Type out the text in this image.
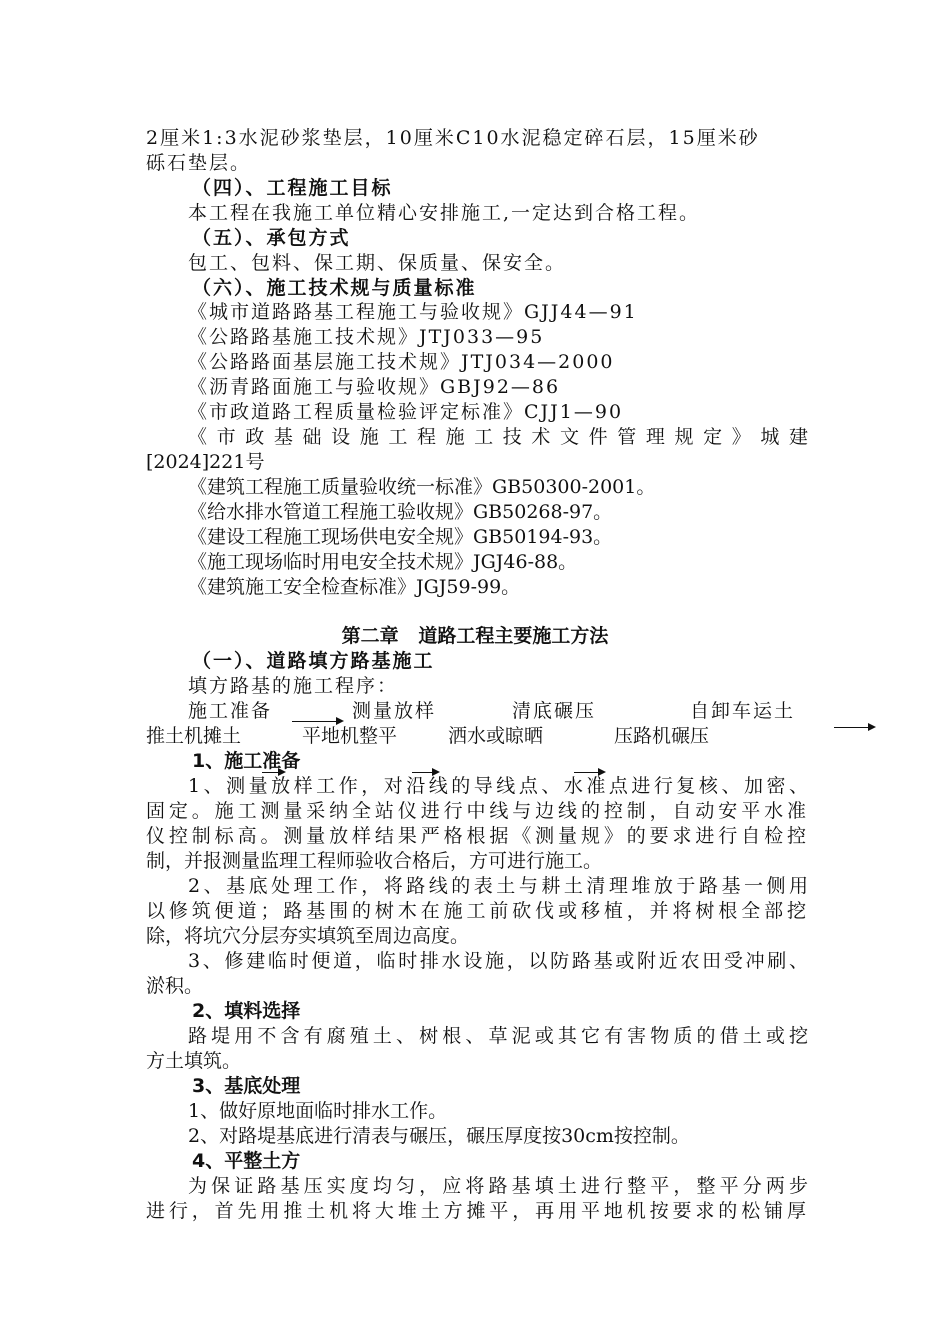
2厘米1:3水泥砂浆垫层，10厘米C10水泥稳定碎石层，15厘米砂
砾石垫层。
（四）、工程施工目标
本工程在我施工单位精心安排施工,一定达到合格工程。
（五）、承包方式
包工、包料、保工期、保质量、保安全。
（六）、施工技术规与质量标准
《城市道路路基工程施工与验收规》GJJ44—91
《公路路基施工技术规》JTJ033—95
《公路路面基层施工技术规》JTJ034—2000
《沥青路面施工与验收规》GBJ92—86
《市政道路工程质量检验评定标准》CJJ1—90
《市政基础设施工程施工技术文件管理规定》城建
[2024]221号
《建筑工程施工质量验收统一标准》GB50300-2001。
《给水排水管道工程施工验收规》GB50268-97。
《建设工程施工现场供电安全规》GB50194-93。
《施工现场临时用电安全技术规》JGJ46-88。
《建筑施工安全检查标准》JGJ59-99。
第二章   道路工程主要施工方法
（一）、道路填方路基施工
填方路基的施工程序：
施工准备	测量放样	清底碾压	自卸车运土
推土机摊土	平地机整平	洒水或晾晒	压路机碾压
1、施工准备
1、测量放样工作，对沿线的导线点、水准点进行复核、加密、
固定。施工测量采纳全站仪进行中线与边线的控制，自动安平水准
仪控制标高。测量放样结果严格根据《测量规》的要求进行自检控
制，并报测量监理工程师验收合格后，方可进行施工。
2、基底处理工作，将路线的表土与耕土清理堆放于路基一侧用
以修筑便道；路基围的树木在施工前砍伐或移植，并将树根全部挖
除，将坑穴分层夯实填筑至周边高度。
3、修建临时便道，临时排水设施，以防路基或附近农田受冲刷、
淤积。
2、填料选择
路堤用不含有腐殖土、树根、草泥或其它有害物质的借土或挖
方土填筑。
3、基底处理
1、做好原地面临时排水工作。
2、对路堤基底进行清表与碾压，碾压厚度按30cm按控制。
4、平整土方
为保证路基压实度均匀，应将路基填土进行整平，整平分两步
进行，首先用推土机将大堆土方摊平，再用平地机按要求的松铺厚
